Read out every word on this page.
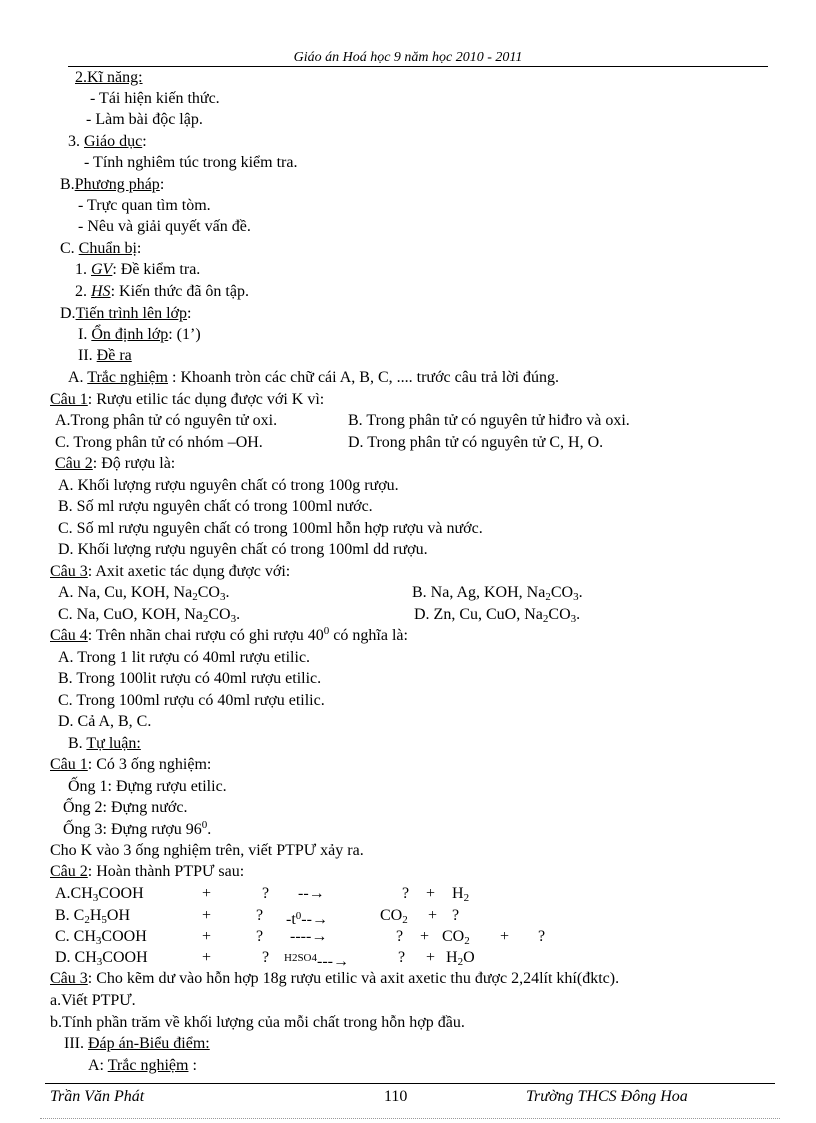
Giáo án Hoá học 9 năm học 2010 - 2011
2.Kĩ năng:
- Tái hiện kiến thức.
- Làm bài độc lập.
3. Giáo dục:
- Tính nghiêm túc trong kiểm tra.
B.Phương pháp:
- Trực quan tìm tòm.
- Nêu và giải quyết vấn đề.
C. Chuẩn bị:
1. GV: Đề kiểm tra.
2. HS: Kiến thức đã ôn tập.
D.Tiến trình lên lớp:
I. Ổn định lớp: (1’)
II. Đề ra
A. Trắc nghiệm : Khoanh tròn các chữ cái A, B, C, .... trước câu trả lời đúng.
Câu 1: Rượu etilic tác dụng được với K vì:
A.Trong phân tử có nguyên tử oxi.	B. Trong phân tử có nguyên tử hiđro và oxi.
C. Trong phân tử có nhóm –OH.	D. Trong phân tử có nguyên tử C, H, O.
Câu 2: Độ rượu là:
A. Khối lượng rượu nguyên chất có trong 100g rượu.
B. Số ml rượu nguyên chất có trong 100ml nước.
C. Số ml rượu nguyên chất có trong 100ml hỗn hợp rượu và nước.
D. Khối lượng rượu nguyên chất có trong 100ml dd rượu.
Câu 3: Axit axetic tác dụng được với:
A. Na, Cu, KOH, $Na_2CO_3$.	B. Na, Ag, KOH, $Na_2CO_3$.
C. Na, CuO, KOH, $Na_2CO_3$.	D. Zn, Cu, CuO, $Na_2CO_3$.
Câu 4: Trên nhãn chai rượu có ghi rượu $40^0$ có nghĩa là:
A. Trong 1 lit rượu có 40ml rượu etilic.
B. Trong 100lit rượu có 40ml rượu etilic.
C. Trong 100ml rượu có 40ml rượu etilic.
D. Cả A, B, C.
B. Tự luận:
Câu 1: Có 3 ống nghiệm:
Ống 1: Đựng rượu etilic.
Ống 2: Đựng nước.
Ống 3: Đựng rượu $96^0$.
Cho K vào 3 ống nghiệm trên, viết PTPƯ xảy ra.
Câu 2: Hoàn thành PTPƯ sau:
$A.CH_3COOH$	+	? --→	? + $H_2$
B. $C_2H_5OH$	+	? $-t^0--\to$	$CO_2$ + ?
C. $CH_3COOH$	+	? ----→	? + $CO_2$ + ?
D. $CH_3COOH$	+	? $^{H2SO4}$---→	? + $H_2O$
Câu 3: Cho kẽm dư vào hỗn hợp 18g rượu etilic và axit axetic thu được 2,24lít khí(đktc).
a.Viết PTPƯ.
b.Tính phần trăm về khối lượng của mỗi chất trong hỗn hợp đầu.
III. Đáp án-Biểu điểm:
A: Trắc nghiệm :
Trần Văn Phát	110	Trường THCS Đông Hoa
